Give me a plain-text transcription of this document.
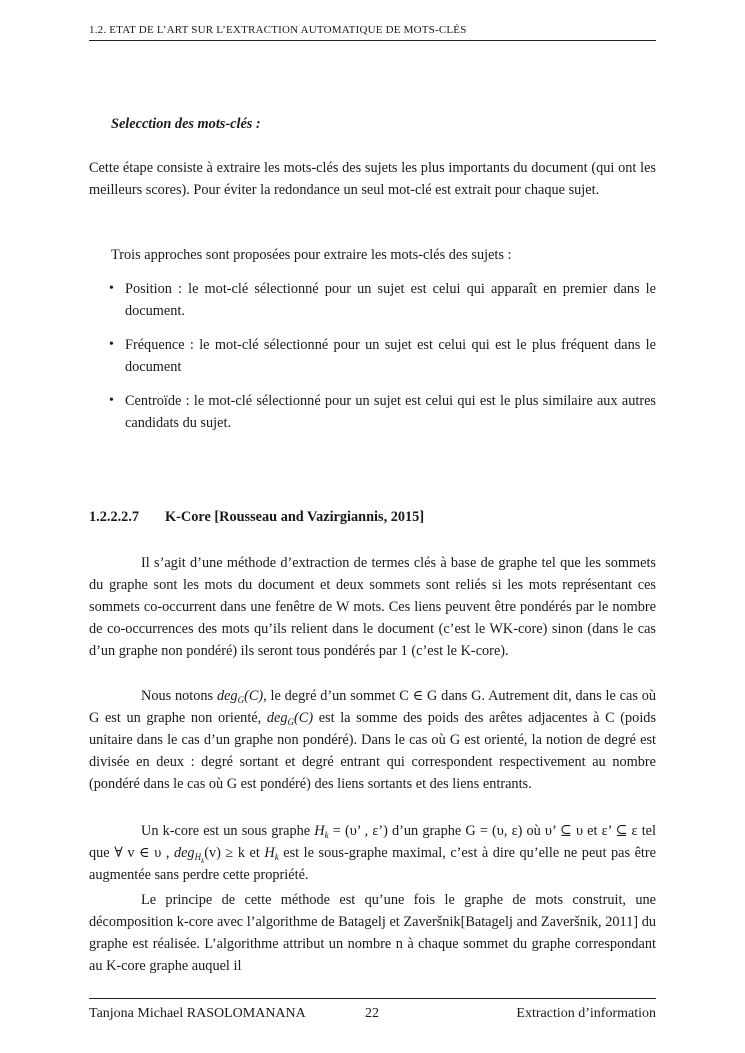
1.2. ETAT DE L’ART SUR L’EXTRACTION AUTOMATIQUE DE MOTS-CLÉS
Selecction des mots-clés :

Cette étape consiste à extraire les mots-clés des sujets les plus importants du document (qui ont les meilleurs scores). Pour éviter la redondance un seul mot-clé est extrait pour chaque sujet.

Trois approches sont proposées pour extraire les mots-clés des sujets :

• Position : le mot-clé sélectionné pour un sujet est celui qui apparaît en premier dans le document.
• Fréquence : le mot-clé sélectionné pour un sujet est celui qui est le plus fréquent dans le document
• Centroïde : le mot-clé sélectionné pour un sujet est celui qui est le plus similaire aux autres candidats du sujet.
1.2.2.2.7 K-Core [Rousseau and Vazirgiannis, 2015]

Il s’agit d’une méthode d’extraction de termes clés à base de graphe tel que les sommets du graphe sont les mots du document et deux sommets sont reliés si les mots représentant ces sommets co-occurrent dans une fenêtre de W mots. Ces liens peuvent être pondérés par le nombre de co-occurrences des mots qu’ils relient dans le document (c’est le WK-core) sinon (dans le cas d’un graphe non pondéré) ils seront tous pondérés par 1 (c’est le K-core).

Nous notons deg$_G$(C), le degré d’un sommet C ∈ G dans G. Autrement dit, dans le cas où G est un graphe non orienté, deg$_G$(C) est la somme des poids des arêtes adjacentes à C (poids unitaire dans le cas d’un graphe non pondéré). Dans le cas où G est orienté, la notion de degré est divisée en deux : degré sortant et degré entrant qui correspondent respectivement au nombre (pondéré dans le cas où G est pondéré) des liens sortants et des liens entrants.

Un k-core est un sous graphe $H_k = (\upsilon$’ , ε’) d’un graphe G = (υ, ε) où υ’ ⊆ υ et ε’ ⊆ ε tel que ∀ v ∈ υ , deg$_{H_k}$(v) ≥ k et $H_k$ est le sous-graphe maximal, c’est à dire qu’elle ne peut pas être augmentée sans perdre cette propriété.

Le principe de cette méthode est qu’une fois le graphe de mots construit, une décomposition k-core avec l’algorithme de Batagelj et Zaveršnik[Batagelj and Zaveršnik, 2011] du graphe est réalisée. L’algorithme attribut un nombre n à chaque sommet du graphe correspondant au K-core graphe auquel il

Tanjona Michael RASOLOMANANA	22	Extraction d’information
